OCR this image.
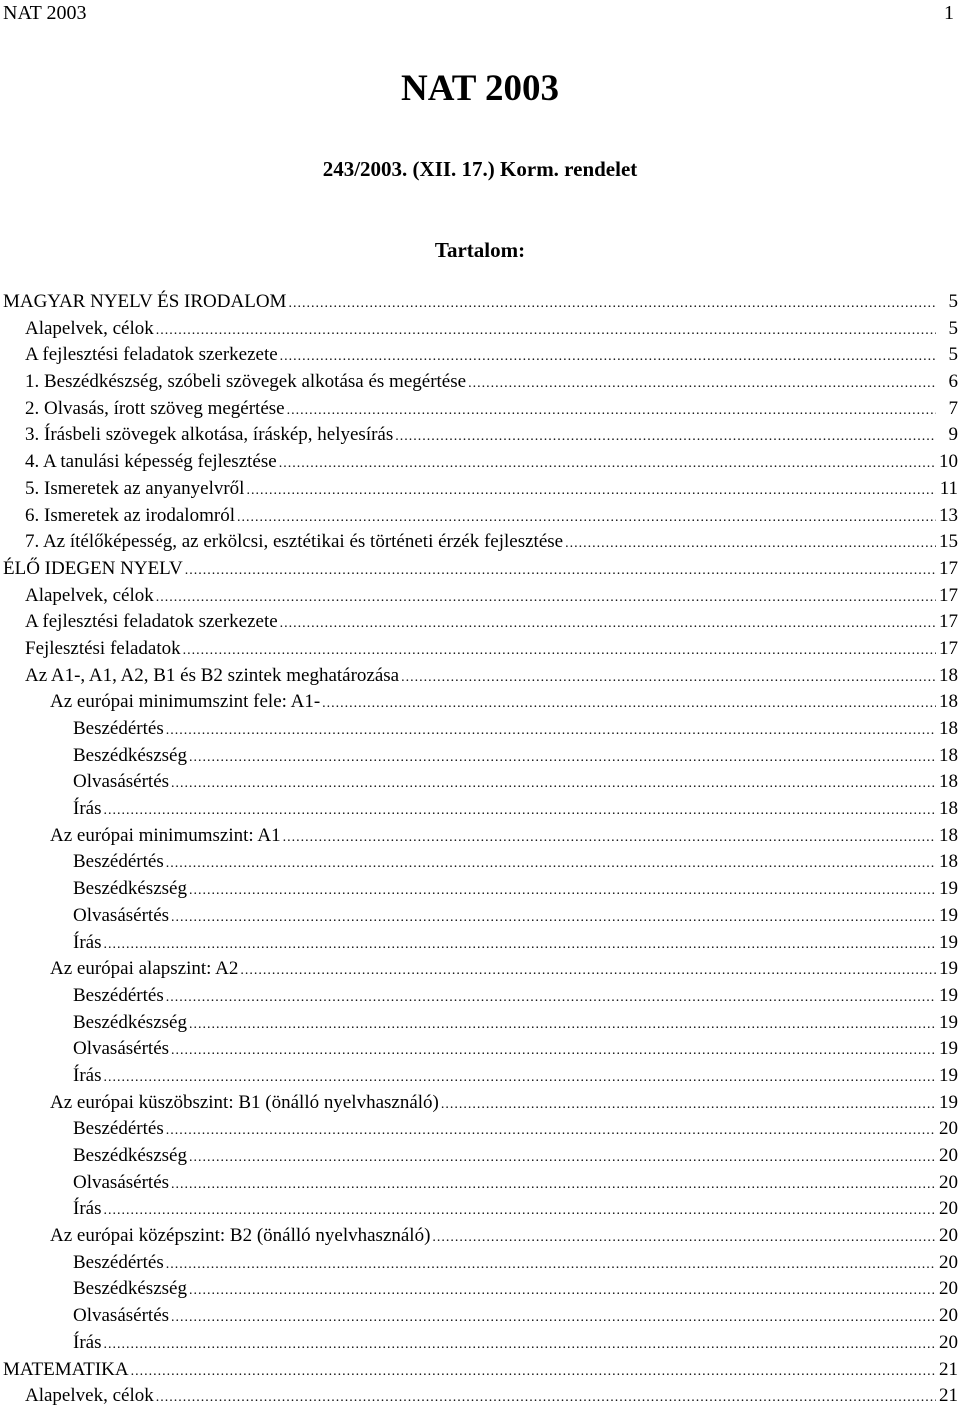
NAT 2003	1
NAT 2003
243/2003. (XII. 17.) Korm. rendelet
Tartalom:
MAGYAR NYELV ÉS IRODALOM .....	5
Alapelvek, célok .....	5
A fejlesztési feladatok szerkezete .....	5
1. Beszédkészség, szóbeli szövegek alkotása és megértése .....	6
2. Olvasás, írott szöveg megértése .....	7
3. Írásbeli szövegek alkotása, íráskép, helyesírás .....	9
4. A tanulási képesség fejlesztése .....	10
5. Ismeretek az anyanyelvről .....	11
6. Ismeretek az irodalomról .....	13
7. Az ítélőképesség, az erkölcsi, esztétikai és történeti érzék fejlesztése .....	15
ÉLŐ IDEGEN NYELV .....	17
Alapelvek, célok .....	17
A fejlesztési feladatok szerkezete .....	17
Fejlesztési feladatok .....	17
Az A1-, A1, A2, B1 és B2 szintek meghatározása .....	18
Az európai minimumszint fele: A1- .....	18
Beszédértés .....	18
Beszédkészség .....	18
Olvasásértés .....	18
Írás .....	18
Az európai minimumszint: A1 .....	18
Beszédértés .....	18
Beszédkészség .....	19
Olvasásértés .....	19
Írás .....	19
Az európai alapszint: A2 .....	19
Beszédértés .....	19
Beszédkészség .....	19
Olvasásértés .....	19
Írás .....	19
Az európai küszöbszint: B1 (önálló nyelvhasználó) .....	19
Beszédértés .....	20
Beszédkészség .....	20
Olvasásértés .....	20
Írás .....	20
Az európai középszint: B2 (önálló nyelvhasználó) .....	20
Beszédértés .....	20
Beszédkészség .....	20
Olvasásértés .....	20
Írás .....	20
MATEMATIKA .....	21
Alapelvek, célok .....	21
